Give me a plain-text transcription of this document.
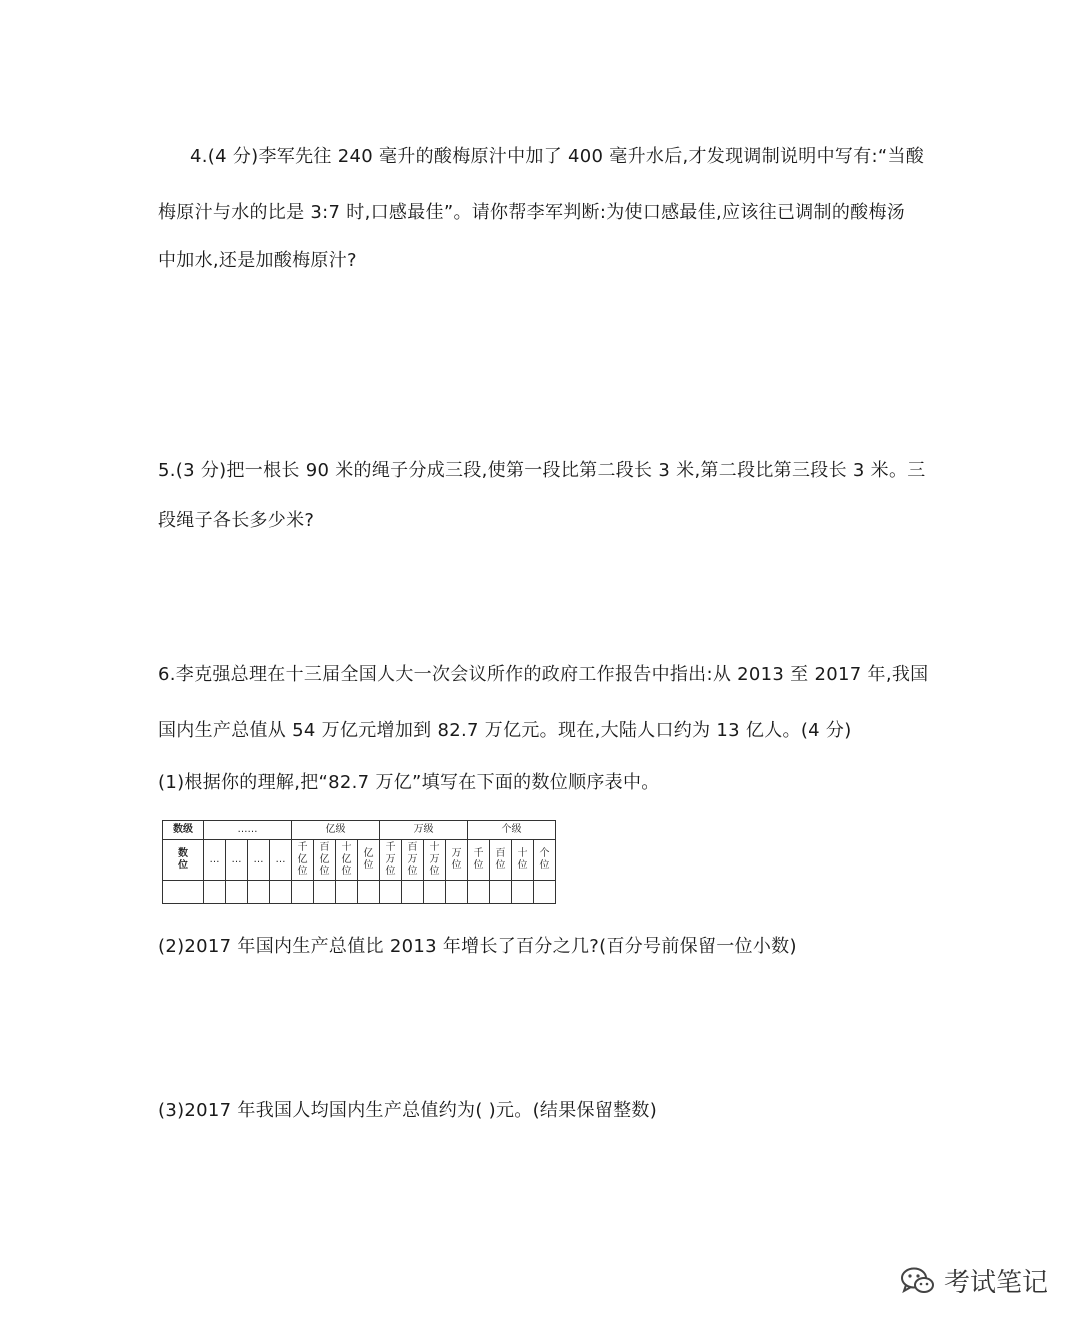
4.(4 分)李军先往 240 毫升的酸梅原汁中加了 400 毫升水后,才发现调制说明中写有:“当酸
梅原汁与水的比是 3:7 时,口感最佳”。请你帮李军判断:为使口感最佳,应该往已调制的酸梅汤
中加水,还是加酸梅原汁?
5.(3 分)把一根长 90 米的绳子分成三段,使第一段比第二段长 3 米,第二段比第三段长 3 米。三
段绳子各长多少米?
6.李克强总理在十三届全国人大一次会议所作的政府工作报告中指出:从 2013 至 2017 年,我国
国内生产总值从 54 万亿元增加到 82.7 万亿元。现在,大陆人口约为 13 亿人。(4 分)
(1)根据你的理解,把“82.7 万亿”填写在下面的数位顺序表中。
数级	……				亿级				万级				个级			
数位	…	…	…	…	千亿位	百亿位	十亿位	亿位	千万位	百万位	十万位	万位	千位	百位	十位	个位

(2)2017 年国内生产总值比 2013 年增长了百分之几?(百分号前保留一位小数)
(3)2017 年我国人均国内生产总值约为( )元。(结果保留整数)
考试笔记
